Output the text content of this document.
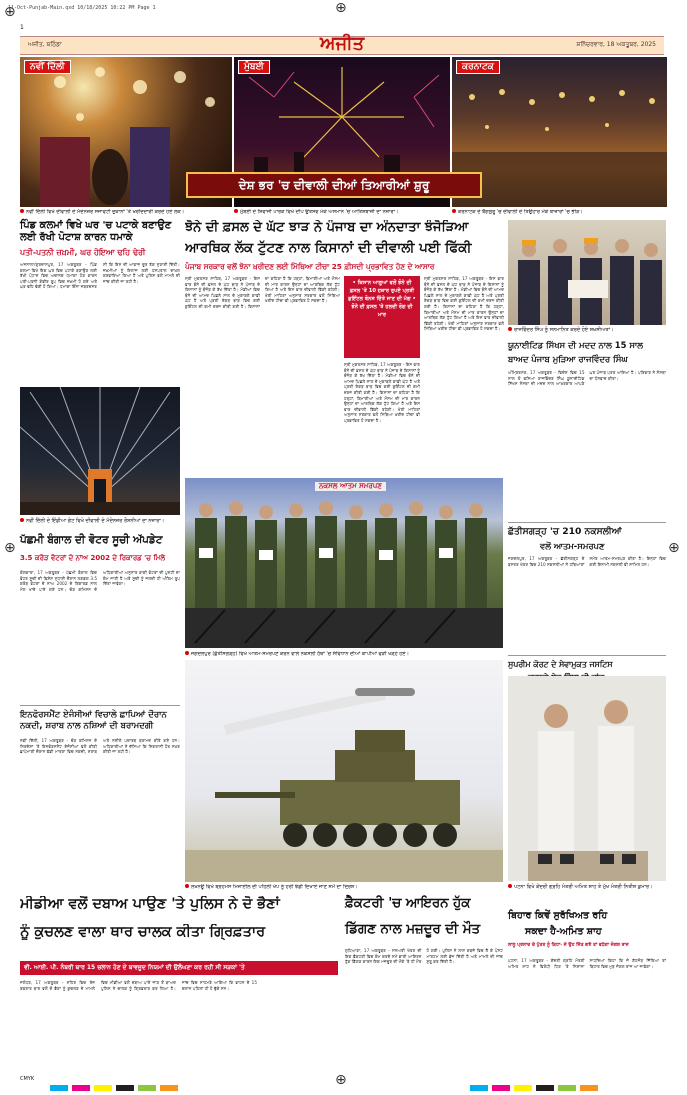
⊕	⊕
⊕	⊕
⊕
11-Oct-Punjab-Main.qxd 10/18/2025 10:22 PM Page 1
1
ਅਜੀਤ, ਬਠਿੰਡਾ	ਅਜੀਤ	ਸ਼ਨਿੱਚਰਵਾਰ, 18 ਅਕਤੂਬਰ, 2025
ਨਵੀਂ ਦਿੱਲੀ	ਮੁੰਬਈ	ਕਰਨਾਟਕ
ਦੇਸ਼ ਭਰ 'ਚ ਦੀਵਾਲੀ ਦੀਆਂ ਤਿਆਰੀਆਂ ਸ਼ੁਰੂ
ਨਵੀਂ ਦਿੱਲੀ ਵਿਖੇ ਦੀਵਾਲੀ ਦੇ ਮੱਦੇਨਜ਼ਰ ਸਜਾਵਟੀ ਦੁਕਾਨਾਂ 'ਤੇ ਖ਼ਰੀਦਦਾਰੀ ਕਰਦੇ ਹੋਏ ਲੋਕ।	ਮੁੰਬਈ ਦੇ ਸ਼ਿਵਾਜੀ ਪਾਰਕ ਵਿਖੇ ਦੀਪ ਉਤਸਵ ਮੌਕੇ ਅਸਮਾਨ 'ਚ ਆਤਿਸ਼ਬਾਜ਼ੀ ਦਾ ਨਜ਼ਾਰਾ।	ਕਰਨਾਟਕ ਦੇ ਬੈਂਗਲੁਰੂ 'ਚ ਦੀਵਾਲੀ ਦੇ ਤਿਉਹਾਰ ਮੌਕੇ ਬਾਜ਼ਾਰਾਂ 'ਚ ਭੀੜ।
ਪਿੰਡ ਕਲਮਾਂ ਵਿਖੇ ਘਰ 'ਚ ਪਟਾਕੇ ਬਣਾਉਣ ਲਈ ਰੱਖੀ ਪੋਟਾਸ਼ ਕਾਰਨ ਧਮਾਕੇ
ਪਤੀ-ਪਤਨੀ ਜ਼ਖ਼ਮੀ, ਘਰ ਹੋਇਆ ਢਹਿ ਢੇਰੀ
ਅਜਨਾਲਾ/ਗੁਰਦਾਸਪੁਰ, 17 ਅਕਤੂਬਰ - ਪਿੰਡ ਕਲਮਾਂ ਵਿਖੇ ਇਕ ਘਰ ਵਿਚ ਪਟਾਕੇ ਬਣਾਉਣ ਲਈ ਰੱਖੀ ਪੋਟਾਸ਼ ਵਿਚ ਅਚਾਨਕ ਧਮਾਕਾ ਹੋਣ ਕਾਰਨ ਪਤੀ-ਪਤਨੀ ਗੰਭੀਰ ਰੂਪ ਵਿਚ ਜ਼ਖ਼ਮੀ ਹੋ ਗਏ ਅਤੇ ਘਰ ਢਹਿ ਢੇਰੀ ਹੋ ਗਿਆ। ਧਮਾਕਾ ਇੰਨਾ ਜ਼ਬਰਦਸਤ ਸੀ ਕਿ ਇਸ ਦੀ ਆਵਾਜ਼ ਦੂਰ ਤੱਕ ਸੁਣਾਈ ਦਿੱਤੀ। ਜ਼ਖ਼ਮੀਆਂ ਨੂੰ ਇਲਾਜ ਲਈ ਹਸਪਤਾਲ ਦਾਖ਼ਲ ਕਰਵਾਇਆ ਗਿਆ ਹੈ ਅਤੇ ਪੁਲਿਸ ਵਲੋਂ ਮਾਮਲੇ ਦੀ ਜਾਂਚ ਕੀਤੀ ਜਾ ਰਹੀ ਹੈ।
ਨਵੀਂ ਦਿੱਲੀ ਦੇ ਇੰਡੀਆ ਗੇਟ ਵਿਖੇ ਦੀਵਾਲੀ ਦੇ ਮੱਦੇਨਜ਼ਰ ਰੌਸ਼ਨੀਆਂ ਦਾ ਨਜ਼ਾਰਾ।
ਪੱਛਮੀ ਬੰਗਾਲ ਦੀ ਵੋਟਰ ਸੂਚੀ ਅੱਪਡੇਟ
3.5 ਕਰੋੜ ਵੋਟਰਾਂ ਦੇ ਨਾਂਅ 2002 ਦੇ ਰਿਕਾਰਡ 'ਚ ਮਿਲੇ
ਕੋਲਕਾਤਾ, 17 ਅਕਤੂਬਰ - ਪੱਛਮੀ ਬੰਗਾਲ ਵਿਚ ਵੋਟਰ ਸੂਚੀ ਦੀ ਵਿਸ਼ੇਸ਼ ਸੁਧਾਈ ਦੌਰਾਨ ਲਗਭਗ 3.5 ਕਰੋੜ ਵੋਟਰਾਂ ਦੇ ਨਾਂਅ 2002 ਦੇ ਰਿਕਾਰਡ ਨਾਲ ਮੇਲ ਖਾਂਦੇ ਪਾਏ ਗਏ ਹਨ। ਚੋਣ ਕਮਿਸ਼ਨ ਦੇ ਅਧਿਕਾਰੀਆਂ ਅਨੁਸਾਰ ਬਾਕੀ ਵੋਟਰਾਂ ਦੀ ਪੁਸ਼ਟੀ ਦਾ ਕੰਮ ਜਾਰੀ ਹੈ ਅਤੇ ਸੂਚੀ ਨੂੰ ਜਲਦੀ ਹੀ ਅੰਤਿਮ ਰੂਪ ਦਿੱਤਾ ਜਾਵੇਗਾ।
ਇਨਫੋਰਸਮੈਂਟ ਏਜੰਸੀਆਂ ਵਿਚਾਲੇ ਛਾਪਿਆਂ ਦੌਰਾਨ ਨਕਦੀ, ਸ਼ਰਾਬ ਨਾਲ ਨਸ਼ਿਆਂ ਦੀ ਬਰਾਮਦਗੀ
ਨਵੀਂ ਦਿੱਲੀ, 17 ਅਕਤੂਬਰ - ਚੋਣ ਕਮਿਸ਼ਨ ਦੇ ਨਿਰਦੇਸ਼ਾਂ 'ਤੇ ਇਨਫੋਰਸਮੈਂਟ ਏਜੰਸੀਆਂ ਵਲੋਂ ਕੀਤੀ ਛਾਪੇਮਾਰੀ ਦੌਰਾਨ ਵੱਡੀ ਮਾਤਰਾ ਵਿਚ ਨਕਦੀ, ਸ਼ਰਾਬ ਅਤੇ ਨਸ਼ੀਲੇ ਪਦਾਰਥ ਬਰਾਮਦ ਕੀਤੇ ਗਏ ਹਨ। ਅਧਿਕਾਰੀਆਂ ਨੇ ਦੱਸਿਆ ਕਿ ਨਿਗਰਾਨੀ ਹੋਰ ਸਖ਼ਤ ਕੀਤੀ ਜਾ ਰਹੀ ਹੈ।
ਝੋਨੇ ਦੀ ਫ਼ਸਲ ਦੇ ਘੱਟ ਝਾੜ ਨੇ ਪੰਜਾਬ ਦਾ ਅੰਨਦਾਤਾ ਝੰਜੋੜਿਆ
ਆਰਥਿਕ ਲੱਕ ਟੁੱਟਣ ਨਾਲ ਕਿਸਾਨਾਂ ਦੀ ਦੀਵਾਲੀ ਪਈ ਫਿੱਕੀ
ਪੰਜਾਬ ਸਰਕਾਰ ਵਲੋਂ ਝੋਨਾ ਖ਼ਰੀਦਣ ਲਈ ਮਿੱਥਿਆ ਟੀਚਾ 25 ਫ਼ੀਸਦੀ ਪ੍ਰਭਾਵਿਤ ਹੋਣ ਦੇ ਆਸਾਰ
ਸ੍ਰੀ ਮੁਕਤਸਰ ਸਾਹਿਬ, 17 ਅਕਤੂਬਰ - ਇਸ ਵਾਰ ਝੋਨੇ ਦੀ ਫ਼ਸਲ ਦੇ ਘੱਟ ਝਾੜ ਨੇ ਪੰਜਾਬ ਦੇ ਕਿਸਾਨਾਂ ਨੂੰ ਝੰਜੋੜ ਕੇ ਰੱਖ ਦਿੱਤਾ ਹੈ। ਮੰਡੀਆਂ ਵਿਚ ਝੋਨੇ ਦੀ ਆਮਦ ਪਿਛਲੇ ਸਾਲ ਦੇ ਮੁਕਾਬਲੇ ਕਾਫ਼ੀ ਘੱਟ ਹੈ ਅਤੇ ਪ੍ਰਤੀ ਏਕੜ ਝਾੜ ਵਿਚ ਕਈ ਕੁਇੰਟਲ ਦੀ ਕਮੀ ਦਰਜ ਕੀਤੀ ਗਈ ਹੈ। ਕਿਸਾਨਾਂ ਦਾ ਕਹਿਣਾ ਹੈ ਕਿ ਹੜ੍ਹਾਂ, ਬਿਮਾਰੀਆਂ ਅਤੇ ਮੌਸਮ ਦੀ ਮਾਰ ਕਾਰਨ ਉਨ੍ਹਾਂ ਦਾ ਆਰਥਿਕ ਲੱਕ ਟੁੱਟ ਗਿਆ ਹੈ ਅਤੇ ਇਸ ਵਾਰ ਦੀਵਾਲੀ ਫਿੱਕੀ ਰਹੇਗੀ। ਖੇਤੀ ਮਾਹਿਰਾਂ ਅਨੁਸਾਰ ਸਰਕਾਰ ਵਲੋਂ ਮਿੱਥਿਆ ਖ਼ਰੀਦ ਟੀਚਾ ਵੀ ਪ੍ਰਭਾਵਿਤ ਹੋ ਸਕਦਾ ਹੈ।
• ਕਿਸਾਨ ਆਗੂਆਂ ਵਲੋਂ ਝੋਨੇ ਦੀ ਫ਼ਸਲ 'ਤੇ 10 ਹਜ਼ਾਰ ਰੁਪਏ ਪ੍ਰਤੀ ਕੁਇੰਟਲ ਬੋਨਸ ਦਿੱਤੇ ਜਾਣ ਦੀ ਮੰਗ • ਝੋਨੇ ਦੀ ਫ਼ਸਲ 'ਤੇ ਹਲਦੀ ਰੋਗ ਦੀ ਮਾਰ
ਸ੍ਰੀ ਮੁਕਤਸਰ ਸਾਹਿਬ, 17 ਅਕਤੂਬਰ - ਇਸ ਵਾਰ ਝੋਨੇ ਦੀ ਫ਼ਸਲ ਦੇ ਘੱਟ ਝਾੜ ਨੇ ਪੰਜਾਬ ਦੇ ਕਿਸਾਨਾਂ ਨੂੰ ਝੰਜੋੜ ਕੇ ਰੱਖ ਦਿੱਤਾ ਹੈ। ਮੰਡੀਆਂ ਵਿਚ ਝੋਨੇ ਦੀ ਆਮਦ ਪਿਛਲੇ ਸਾਲ ਦੇ ਮੁਕਾਬਲੇ ਕਾਫ਼ੀ ਘੱਟ ਹੈ ਅਤੇ ਪ੍ਰਤੀ ਏਕੜ ਝਾੜ ਵਿਚ ਕਈ ਕੁਇੰਟਲ ਦੀ ਕਮੀ ਦਰਜ ਕੀਤੀ ਗਈ ਹੈ। ਕਿਸਾਨਾਂ ਦਾ ਕਹਿਣਾ ਹੈ ਕਿ ਹੜ੍ਹਾਂ, ਬਿਮਾਰੀਆਂ ਅਤੇ ਮੌਸਮ ਦੀ ਮਾਰ ਕਾਰਨ ਉਨ੍ਹਾਂ ਦਾ ਆਰਥਿਕ ਲੱਕ ਟੁੱਟ ਗਿਆ ਹੈ ਅਤੇ ਇਸ ਵਾਰ ਦੀਵਾਲੀ ਫਿੱਕੀ ਰਹੇਗੀ। ਖੇਤੀ ਮਾਹਿਰਾਂ ਅਨੁਸਾਰ ਸਰਕਾਰ ਵਲੋਂ ਮਿੱਥਿਆ ਖ਼ਰੀਦ ਟੀਚਾ ਵੀ ਪ੍ਰਭਾਵਿਤ ਹੋ ਸਕਦਾ ਹੈ।
ਸ੍ਰੀ ਮੁਕਤਸਰ ਸਾਹਿਬ, 17 ਅਕਤੂਬਰ - ਇਸ ਵਾਰ ਝੋਨੇ ਦੀ ਫ਼ਸਲ ਦੇ ਘੱਟ ਝਾੜ ਨੇ ਪੰਜਾਬ ਦੇ ਕਿਸਾਨਾਂ ਨੂੰ ਝੰਜੋੜ ਕੇ ਰੱਖ ਦਿੱਤਾ ਹੈ। ਮੰਡੀਆਂ ਵਿਚ ਝੋਨੇ ਦੀ ਆਮਦ ਪਿਛਲੇ ਸਾਲ ਦੇ ਮੁਕਾਬਲੇ ਕਾਫ਼ੀ ਘੱਟ ਹੈ ਅਤੇ ਪ੍ਰਤੀ ਏਕੜ ਝਾੜ ਵਿਚ ਕਈ ਕੁਇੰਟਲ ਦੀ ਕਮੀ ਦਰਜ ਕੀਤੀ ਗਈ ਹੈ। ਕਿਸਾਨਾਂ ਦਾ ਕਹਿਣਾ ਹੈ ਕਿ ਹੜ੍ਹਾਂ, ਬਿਮਾਰੀਆਂ ਅਤੇ ਮੌਸਮ ਦੀ ਮਾਰ ਕਾਰਨ ਉਨ੍ਹਾਂ ਦਾ ਆਰਥਿਕ ਲੱਕ ਟੁੱਟ ਗਿਆ ਹੈ ਅਤੇ ਇਸ ਵਾਰ ਦੀਵਾਲੀ ਫਿੱਕੀ ਰਹੇਗੀ। ਖੇਤੀ ਮਾਹਿਰਾਂ ਅਨੁਸਾਰ ਸਰਕਾਰ ਵਲੋਂ ਮਿੱਥਿਆ ਖ਼ਰੀਦ ਟੀਚਾ ਵੀ ਪ੍ਰਭਾਵਿਤ ਹੋ ਸਕਦਾ ਹੈ।
ਨਕਸਲ ਆਤਮ ਸਮਰਪਣ
ਜਗਦਲਪੁਰ (ਛੱਤੀਸਗੜ੍ਹ) ਵਿਖੇ ਆਤਮ-ਸਮਰਪਣ ਕਰਨ ਵਾਲੇ ਨਕਸਲੀ ਹੱਥਾਂ 'ਚ ਸੰਵਿਧਾਨ ਦੀਆਂ ਕਾਪੀਆਂ ਫੜੀ ਖੜ੍ਹੇ ਹੋਏ।
ਲਖਨਊ ਵਿਖੇ ਬ੍ਰਹਮੋਸ ਮਿਜ਼ਾਈਲ ਦੀ ਪਹਿਲੀ ਖੇਪ ਨੂੰ ਹਰੀ ਝੰਡੀ ਦਿਖਾਏ ਜਾਣ ਸਮੇਂ ਦਾ ਦ੍ਰਿਸ਼।
ਰਾਜਵਿੰਦਰ ਸਿੰਘ ਨੂੰ ਸਨਮਾਨਿਤ ਕਰਦੇ ਹੋਏ ਸ਼ਖ਼ਸੀਅਤਾਂ।
ਯੂਨਾਈਟਿਡ ਸਿੱਖਸ ਦੀ ਮਦਦ ਨਾਲ 15 ਸਾਲ
ਬਾਅਦ ਪੰਜਾਬ ਮੁੜਿਆ ਰਾਜਵਿੰਦਰ ਸਿੰਘ
ਅੰਮ੍ਰਿਤਸਰ, 17 ਅਕਤੂਬਰ - ਵਿਦੇਸ਼ ਵਿਚ 15 ਸਾਲ ਤੋਂ ਫਸਿਆ ਰਾਜਵਿੰਦਰ ਸਿੰਘ ਯੂਨਾਈਟਿਡ ਸਿੱਖਸ ਸੰਸਥਾ ਦੀ ਮਦਦ ਨਾਲ ਆਖ਼ਰਕਾਰ ਆਪਣੇ ਘਰ ਪੰਜਾਬ ਪਰਤ ਆਇਆ ਹੈ। ਪਰਿਵਾਰ ਨੇ ਸੰਸਥਾ ਦਾ ਧੰਨਵਾਦ ਕੀਤਾ।
ਛੱਤੀਸਗੜ੍ਹ 'ਚ 210 ਨਕਸਲੀਆਂ
ਵਲੋਂ ਆਤਮ-ਸਮਰਪਣ
ਜਗਦਲਪੁਰ, 17 ਅਕਤੂਬਰ - ਛੱਤੀਸਗੜ੍ਹ ਦੇ ਬਸਤਰ ਖੇਤਰ ਵਿਚ 210 ਨਕਸਲੀਆਂ ਨੇ ਹਥਿਆਰਾਂ ਸਮੇਤ ਆਤਮ-ਸਮਰਪਣ ਕੀਤਾ ਹੈ। ਇਨ੍ਹਾਂ ਵਿਚ ਕਈ ਇਨਾਮੀ ਨਕਸਲੀ ਵੀ ਸ਼ਾਮਿਲ ਹਨ।
ਸੁਪਰੀਮ ਕੋਰਟ ਦੇ ਸੇਵਾਮੁਕਤ ਜਸਟਿਸ
ਪਟਨਾ ਵਿਖੇ ਕੇਂਦਰੀ ਗ੍ਰਹਿ ਮੰਤਰੀ ਅਮਿਤ ਸ਼ਾਹ ਤੇ ਮੁੱਖ ਮੰਤਰੀ ਨਿਤੀਸ਼ ਕੁਮਾਰ।
ਮੀਡੀਆ ਵਲੋਂ ਦਬਾਅ ਪਾਉਣ 'ਤੇ ਪੁਲਿਸ ਨੇ ਦੋ ਭੈਣਾਂ
ਨੂੰ ਕੁਚਲਣ ਵਾਲਾ ਥਾਰ ਚਾਲਕ ਕੀਤਾ ਗ੍ਰਿਫ਼ਤਾਰ
ਵੀ. ਆਈ. ਪੀ. ਨੰਬਰੀ ਥਾਰ 15 ਚਲਾਨ ਹੋਣ ਦੇ ਬਾਵਜੂਦ ਨਿਯਮਾਂ ਦੀ ਉਲੰਘਣਾ ਕਰ ਰਹੀ ਸੀ ਸੜਕਾਂ 'ਤੇ
ਜਲੰਧਰ, 17 ਅਕਤੂਬਰ - ਸ਼ਹਿਰ ਵਿਚ ਤੇਜ਼ ਰਫ਼ਤਾਰ ਥਾਰ ਵਲੋਂ ਦੋ ਭੈਣਾਂ ਨੂੰ ਕੁਚਲਣ ਦੇ ਮਾਮਲੇ ਵਿਚ ਮੀਡੀਆ ਵਲੋਂ ਦਬਾਅ ਪਾਏ ਜਾਣ ਤੋਂ ਬਾਅਦ ਪੁਲਿਸ ਨੇ ਚਾਲਕ ਨੂੰ ਗ੍ਰਿਫ਼ਤਾਰ ਕਰ ਲਿਆ ਹੈ। ਜਾਂਚ ਵਿਚ ਸਾਹਮਣੇ ਆਇਆ ਕਿ ਵਾਹਨ ਦੇ 15 ਚਲਾਨ ਪਹਿਲਾਂ ਹੀ ਹੋ ਚੁੱਕੇ ਸਨ।
ਫ਼ੈਕਟਰੀ 'ਚ ਆਇਰਨ ਹੁੱਕ
ਡਿੱਗਣ ਨਾਲ ਮਜ਼ਦੂਰ ਦੀ ਮੌਤ
ਲੁਧਿਆਣਾ, 17 ਅਕਤੂਬਰ - ਸਨਅਤੀ ਖੇਤਰ ਦੀ ਇਕ ਫ਼ੈਕਟਰੀ ਵਿਚ ਕੰਮ ਕਰਦੇ ਸਮੇਂ ਭਾਰੀ ਆਇਰਨ ਹੁੱਕ ਡਿੱਗਣ ਕਾਰਨ ਇਕ ਮਜ਼ਦੂਰ ਦੀ ਮੌਕੇ 'ਤੇ ਹੀ ਮੌਤ ਹੋ ਗਈ। ਪੁਲਿਸ ਨੇ ਲਾਸ਼ ਕਬਜ਼ੇ ਵਿਚ ਲੈ ਕੇ ਪੋਸਟ ਮਾਰਟਮ ਲਈ ਭੇਜ ਦਿੱਤੀ ਹੈ ਅਤੇ ਮਾਮਲੇ ਦੀ ਜਾਂਚ ਸ਼ੁਰੂ ਕਰ ਦਿੱਤੀ ਹੈ।
ਬਿਹਾਰ ਕਿਵੇਂ ਸੁਰੱਖਿਅਤ ਰਹਿ
ਸਕਦਾ ਹੈ-ਅਮਿਤ ਸ਼ਾਹ
ਲਾਲੂ ਪ੍ਰਸਾਦ ਦੇ ਪੁੱਤਰ ਨੂੰ ਕਿਹਾ- ਜੇ ਉਹ ਜਿੱਤ ਗਏ ਤਾਂ ਵਧੇਗਾ ਜੰਗਲ ਰਾਜ
ਪਟਨਾ, 17 ਅਕਤੂਬਰ - ਕੇਂਦਰੀ ਗ੍ਰਹਿ ਮੰਤਰੀ ਅਮਿਤ ਸ਼ਾਹ ਨੇ ਵਿਰੋਧੀ ਧਿਰ 'ਤੇ ਨਿਸ਼ਾਨਾ ਸਾਧਦਿਆਂ ਕਿਹਾ ਕਿ ਜੇ ਗੱਠਜੋੜ ਜਿੱਤਿਆ ਤਾਂ ਬਿਹਾਰ ਵਿਚ ਮੁੜ ਜੰਗਲ ਰਾਜ ਆ ਜਾਵੇਗਾ।
CMYK
